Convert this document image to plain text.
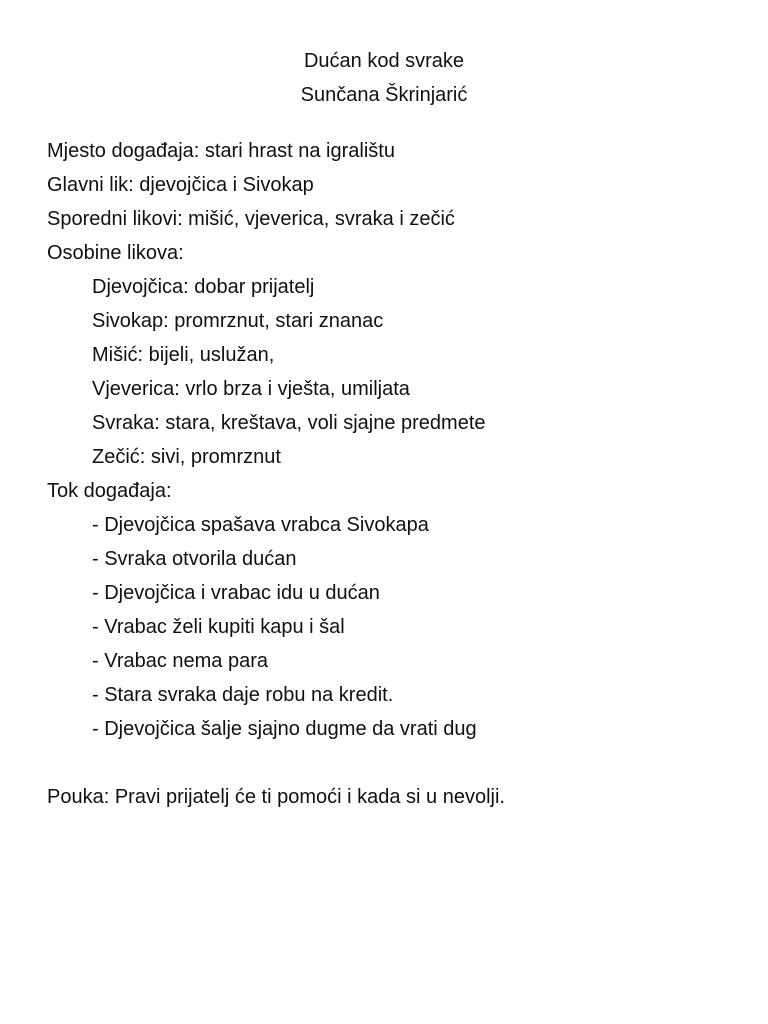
Dućan kod svrake
Sunčana Škrinjarić
Mjesto događaja: stari hrast na igralištu
Glavni lik: djevojčica i Sivokap
Sporedni likovi: mišić, vjeverica, svraka i zečić
Osobine likova:
Djevojčica: dobar prijatelj
Sivokap: promrznut, stari znanac
Mišić: bijeli, uslužan,
Vjeverica: vrlo brza i vješta, umiljata
Svraka: stara, kreštava, voli sjajne predmete
Zečić: sivi, promrznut
Tok događaja:
- Djevojčica spašava vrabca Sivokapa
- Svraka otvorila dućan
- Djevojčica i vrabac idu u dućan
- Vrabac želi kupiti kapu i šal
- Vrabac nema para
- Stara svraka daje robu na kredit.
- Djevojčica šalje sjajno dugme da vrati dug
Pouka: Pravi prijatelj će ti pomoći i kada si u nevolji.
